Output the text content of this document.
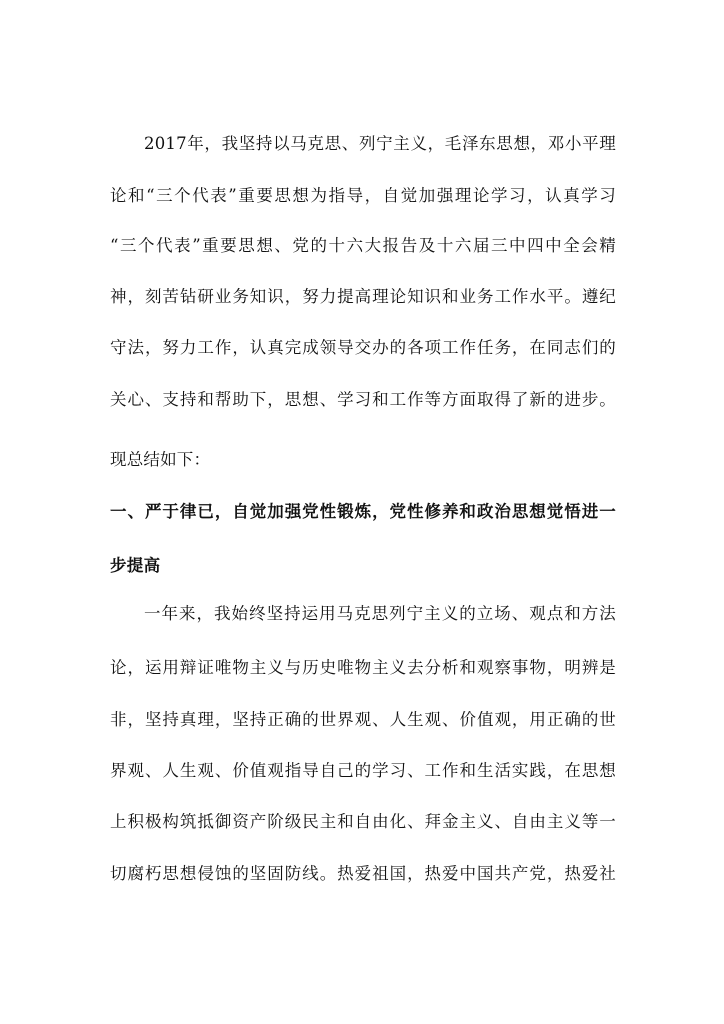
2017年，我坚持以马克思、列宁主义，毛泽东思想，邓小平理
论和“三个代表”重要思想为指导，自觉加强理论学习，认真学习
“三个代表”重要思想、党的十六大报告及十六届三中四中全会精
神，刻苦钻研业务知识，努力提高理论知识和业务工作水平。遵纪
守法，努力工作，认真完成领导交办的各项工作任务，在同志们的
关心、支持和帮助下，思想、学习和工作等方面取得了新的进步。
现总结如下：
一、严于律已，自觉加强党性锻炼，党性修养和政治思想觉悟进一
步提高
一年来，我始终坚持运用马克思列宁主义的立场、观点和方法
论，运用辩证唯物主义与历史唯物主义去分析和观察事物，明辨是
非，坚持真理，坚持正确的世界观、人生观、价值观，用正确的世
界观、人生观、价值观指导自己的学习、工作和生活实践，在思想
上积极构筑抵御资产阶级民主和自由化、拜金主义、自由主义等一
切腐朽思想侵蚀的坚固防线。热爱祖国，热爱中国共产党，热爱社
